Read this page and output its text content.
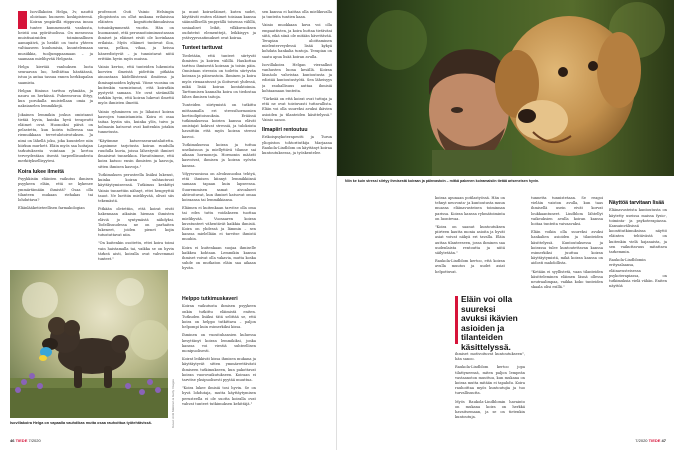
Isovillakoira Helga, 3v, nauttii oloistaan huoneen koskipisteenä. Koiran ympärillä riippuvaa innoa tuntee kummennetä vanhusta, heistä osa pyörätuolissa. On meneossa muistisairaiden toiminnallinen aamupäivä, ja heidät on tuotu yhteen valtiaaseen kuulumisia, kuuntelemaan musiikkia, tuoljumppaamaan – ja saamaan mielihyvää Helgasta.

Helga kiertää vanhuksen luota seuraavan luo, heiltättaa häntäänsä, istuu ja antaa tassua ennen herkkupalan saamista.

Helgan fiiniuus tarttuu ryhmään, ja nauru on herkässä. Puheenvoroa ilttyy, kun porukalla muistellaan omia ja naksianelen lemmikkejä.

Jokainen lemmikin joskus omistanut tietää hyvin, kuinka hyvä terapeutti eläimet ovat. Huonoiksi päivä on pelastettu, kun koirin tulleessa saa riemuikkaan tervetulotoivotuksen. Ja nimi on lähellä joku, joka kuuntelee niin hiirkun murhett. Eläin myös saa hoitajan tarkutuksesta vointaan ja kertoa terveydestäan itsestä tarpeellisuudesta merkityksellisyytesi.

Koira lukee ilmeitä

Psyykkisiin eläinten vaikutus ihmisen psyykeen eläin, että se kykenee ymmärtämään ihmistä? Osaa olla tilanteen mukaan riehakas tai lohduttava?

Eläinlääketieteellisen farmakologian

professori Outi Vainio Helsingin yliopistosta on ollut mukana erilaisissa eläinten kognitiotutkimuksissa totsainkymmentä vuotta. Hän on huomannut, että perusnoitoimimustassan ihmiset ja eläimet eivät ole kovinkaan erilaisia. Myös eläimet tuntevat iloa, surua, pelkoa, vihaa, ja heissa häneedistyvät – ja tunnistavat niitä erittäin hyvin myös muissa.

Vainio kertoo, että tunteiden lukemista koevien ilmeistä pidettiin pitkään ainoastaan kädelliistensä ilmiöena ja ihmisapinoiden kykynä. Viime vuosina on kuitenkin varmistunut, että koiratkin pystyvät samaan. Ne ovat sävämällä tarkkin hyvin, että koiran lukevat ilmettä myös ihmisten ilmeitä.

Vainio ryhmineen on jo lähaisut koiran kasvojen tunnistamista. Koira ei osaa taitaa hyviin siis, kuinka ylös, tuivo ja kolmasin katsovat ovat kuitenkin jotakin tunnetusta.

"Käytimme katseenseurantalaitetta. Lapsimme tarjotusta koiran ruudulla ruudulla kuvia, joissa lähestyvät ihmiset ilmaisivat tunnekkoa. Havaitsimme, että koira katsoo ensin ihmisten ja kasvoja, sitten ihmisen kasvoja."

Tutkimuksen perusteella lisäksi lukenut, kuinka koiran suhtautuvat käyttäytymiseensä. Tutkimus keskittyi Vainio tunnettiin nähnyt, ettei hengeyttiä tauot. Ne luettiin mielihyvää, olivat siis tekemästä.

Pitkään oletettiin, että koirat eivät hakennaan aikaisin hieman ihmisten eläviä jo syntymästä nähdyksi. Todellisuudessa ne on parhaiten lukeneet, joiden pienet kojin tutustuttavat niin.

"On kuitenkin osoitettu, ettei koira toimi vain haistamalla tai, vaikka se on hyvin tärkeä aisti, koiralla ovat vahvemmat tunteet."

Helppo tutkimuskaveri

Koiran vaikutusta ihmisen psyykeen onkin tutkittu eläimistä eniten. Tutkuden lisäksi tätä selittää se, että koira on helppo tutkittava – paljon helpompi kuin esimerkiksi kissa.

Ihminen on vuosituhansien kuluessa kesyttänyt koiran lemmikiksi, jonka kanssa voi viestiä suhteellisen monipuolisesti.

Koirat leikkivät kissa ihmisen mukana ja käyttäytyvät sitten ymmärrettävästi ihmiseen tutkimukseen, kun pakottavat koiran vuorovaikutukseen. Koiraan ei tarvitse yksipuolisesti pyytää muuttua.

"Koira lukee ilmisiä tosi hyvin. Se on hyvä lohdutaja, mutta käyttäytymisen perusteella ei ole suotta koiralla ovat vahvat tunteet tutkimuksen kehittäjä."

ja muut koiraeläimet, kuten sudet, käyttävät eniten eläimet toisiaan kanssa säännöllisellä ympyrällä toisensa välillä, sosiaaliset leikit, vilkkuvuoksen oudutetut elementtejä, leikkisyys ja ystävyysvaatimukset ovat koiraa.

Tunteet tarttuvat

Tiedetään, että tunteet siirtyvät ihmisten ja koirien välillä. Haukottaa tarttuu ihmisestä koiraan ja toisin päin. Onnistaan stressin on todettu siirtyvän koiraan ja päinvastoin. Ihminen ja koira myös rienaantuvat ja iloitsevat yhdessä, mikä lisää koiran kontaktoimia. Tarttumisen kannalta koira on tiedostaa lähes ihmisen taitoja.

Tunteiden siirtymistä on tutkittu mittaamalla eri stressihormonien kortisolipitoisuuksia. Eräässä tutkimuksessa koirien kanssa elävät omistajat kokivat stressiä, ja tuloksista havaittiin että myös koiran stressi kasvoi.

Tutkimuksessa koiran ja tuttua uneliaisuus ja miellyttävä tilanne sai aikaan hormoneja. Hormonin määrät kasvoivat, ihmisen ja koiran syövän kanssa.

Ydyysvuosiosa on alvoksuuodoa tehtyä, että ihmisen kiinnyt lemmikkiinsä samaan tapaan kuin lapseensa. Suuremmisen samat aivoalueet aktivoituvat, kun ihmiset katsovat omaa koiraansa tai lemmikkiansa.

Eläimen ei kuitenkaan tarvitse olla oma tai edes tuttu voidakseen tuottaa mielihyvää. Vuosaaren koiran kuvatunteet vähentävät kaikkia ihmisiä. Koira on yhdessä ja lämmin – sen kanssa mielellään ei tarvitse ihmistä muuhin.

Koira ei kuitenkaan suojaa ihmiselle kaikkea kohtaan. Lemmikin kanssa ihmiset voivat olla vakavia, mutta koska suhde on mutkaton eläin saa aikaan hyvän.

sen kanssa ei haittaa olla mielikuvalla ja tunteita tuntien kaan.

Vainio muokkaan kuva voi olla empaattisten, ja koira huttaa tietäväni siitä, eikä siinä ole mitään hävettävää. Terapian aloittaminen mielenterveydessä lisää kykyä kohdata hankalia tuntoja. Terapian on saatu apua lisää koiran avulla.

Isovillakoira Helgan vieraalkut vanhusten luona kesällä. Koiran läsnäolo vahvistaa kuntoutusta ja edistää kuntoutustyötä. Sen läheisyys ja rauhallisuus auttaa ihmisiä kohtaamaan tunteita.

"Tärkeää on että koirat ovat tuttuja ja että ne ovat toistuvasti tuttavallista. Eläin voi olla suureksi avuksi ikävien asioiden ja tilanteiden käsittelyssä." Vainio sanoo.

Ilmapiiri rentoutuu

Erikoispsykoterapeutti ja Turun yliopiston tohtoritutkija Marjaana Raukola-Lindblom on käyttänyt koiraa kuntoutuksessa, ja työskentelee.

Isovillakoira Helga on vapaalla vauhdikas mutta osaa rauhoittua työtehtävissä.	Kuvat: Antti Mäkinen & Getty Images
46 TIEDE 7/2020
Niin ke kuin stressi siirtyy ihmisestä koiraan ja päinvastoin – mitkä pakenen koiramaisiin tietää ariseneisen hyvin.

koiraa apunaan potilastyössä. Hän on tehnyt neuvonta- ja kuntoutusta muun muassa eläinavusteisen toiminnan parissa. Koiran kanssa ryhmätoiminta on luontevaa.

"Koira on saanut kuntoutuksen piirteen kautta monia asioita ja hyvät asiat voivat näkyä eri tavalla. Eläin auttaa tilanteeseen, jossa ihminen saa uudenlaista rentoutta ja niitä säilytetään."

Raukola-Lindblom kertoo, että koiran avulla muutos ja uudet asiat helpottuvat.

Eläin voi olla suureksi avuksi ikävien asioiden ja tilanteiden käsittelyssä.

ihmiset motivoituvat kuntoutukseen", hän sanoo.

Raukola-Lindblom kertoo jopa tilattyneensä, miten paljon lempeän vastaanoton muuttuu, kun mukana on koiraa mutta mitään ei tapahdu. Koira rauhoittaa myös kuntoutujia ja tuo turvallisuutta.

Myös Raukola-Lindblomin havainto on mukana koira on herkkä havaitsemaan, ja se on tietenkin kuntoutuja.

tunnetta tunnistetaan. Se reagoi vieläin vaiston avulla, kun taas ihmisellä usein eivät korvat loukkaantuneet. Lindblom lähtellyt vaikeuksien avulla koiran kanssa hoitaa tunteita vaivaavaksi.

Eläin voikin olla suureksi avuksi hankalien asioiden ja tilanteiden käsittelyssä. Kuntoutuksessa ja koirassa tulee kuntoutettavan kanssa esimerkiksi juuttua koiran käyttäytymistä, mikä koiran kanssa on aidosti mahdollista.

"Ketään ei syyllistetä, vaan tilanteiden käsitteleminen eläimen läsnä ollessa neutraalimpaa, vaikka koko tunteiden skaala olisi esillä."

Näyttöä tarvitaan lisää

Eläinavusteista kuntoutusta on käytetty useissa maissa fysio-, toiminta- ja psykoterapiassa. Kansainvälisissä koontitutkimuksissa näyttö eläinten tehtävästä on kuitenkin vielä hajanaista, ja sen vaikuttavuus mitattava tarkemmin.

Raukola-Lindblomin eritysalaansa, eläinavusteisessa psykoterapiassa, on tutkimuksia vielä vähän. Eniten näyttöä

7/2020 TIEDE 47
